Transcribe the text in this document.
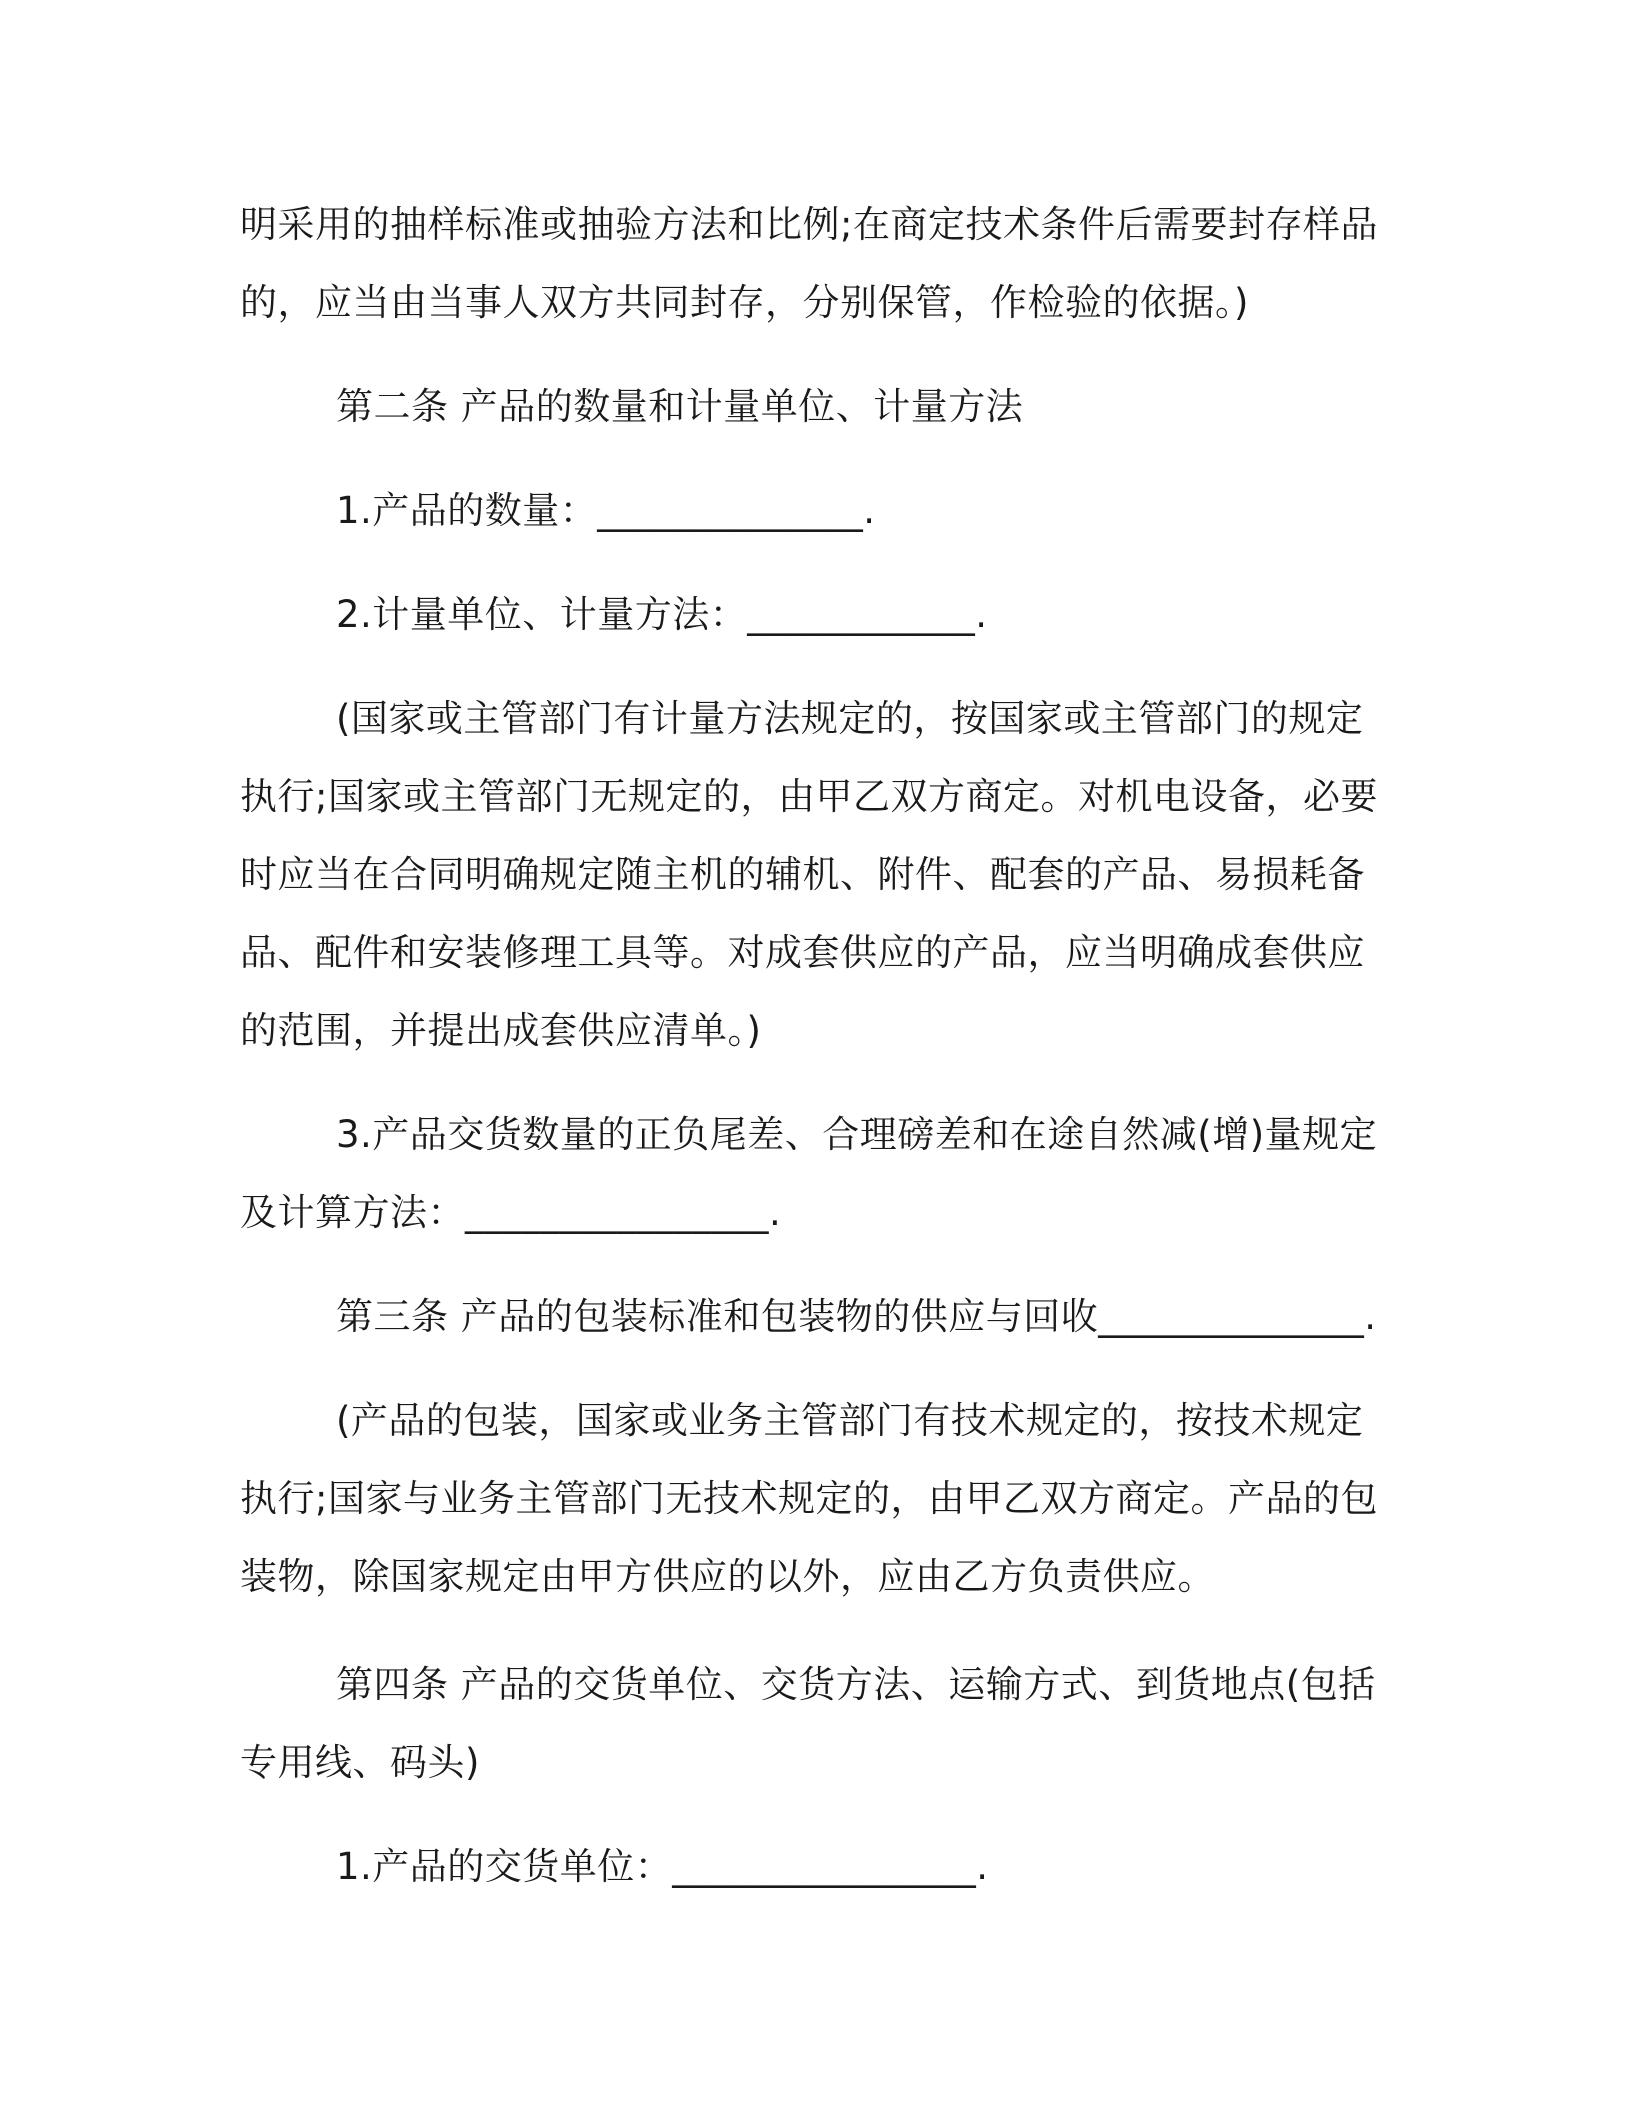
明采用的抽样标准或抽验方法和比例;在商定技术条件后需要封存样品的，应当由当事人双方共同封存，分别保管，作检验的依据。)

第二条 产品的数量和计量单位、计量方法

1.产品的数量：______________.

2.计量单位、计量方法：____________.

(国家或主管部门有计量方法规定的，按国家或主管部门的规定执行;国家或主管部门无规定的，由甲乙双方商定。对机电设备，必要时应当在合同明确规定随主机的辅机、附件、配套的产品、易损耗备品、配件和安装修理工具等。对成套供应的产品，应当明确成套供应的范围，并提出成套供应清单。)

3.产品交货数量的正负尾差、合理磅差和在途自然减(增)量规定及计算方法：________________.

第三条 产品的包装标准和包装物的供应与回收______________.

(产品的包装，国家或业务主管部门有技术规定的，按技术规定执行;国家与业务主管部门无技术规定的，由甲乙双方商定。产品的包装物，除国家规定由甲方供应的以外，应由乙方负责供应。

第四条 产品的交货单位、交货方法、运输方式、到货地点(包括专用线、码头)

1.产品的交货单位：________________.
